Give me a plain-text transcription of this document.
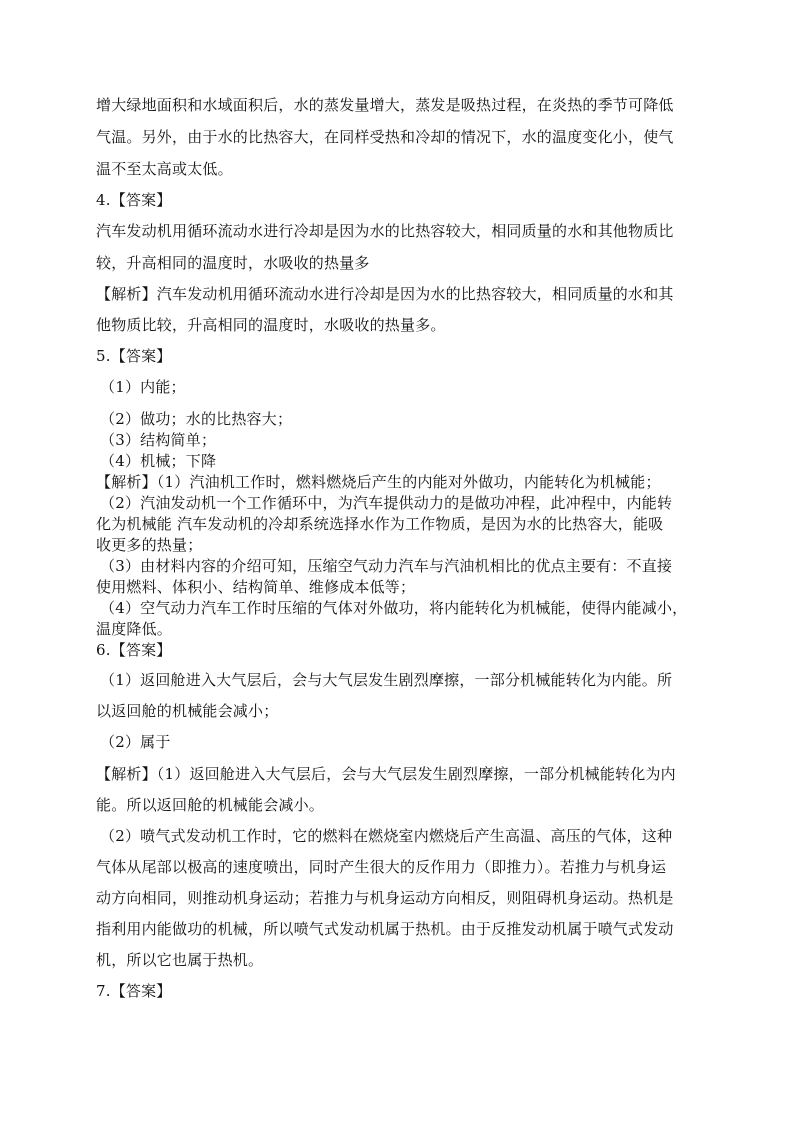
增大绿地面积和水域面积后，水的蒸发量增大，蒸发是吸热过程，在炎热的季节可降低
气温。另外，由于水的比热容大，在同样受热和冷却的情况下，水的温度变化小，使气
温不至太高或太低。
4.【答案】
汽车发动机用循环流动水进行冷却是因为水的比热容较大，相同质量的水和其他物质比
较，升高相同的温度时，水吸收的热量多
【解析】汽车发动机用循环流动水进行冷却是因为水的比热容较大，相同质量的水和其
他物质比较，升高相同的温度时，水吸收的热量多。
5.【答案】
（1）内能；
（2）做功；水的比热容大；
（3）结构简单；
（4）机械；下降
【解析】（1）汽油机工作时，燃料燃烧后产生的内能对外做功，内能转化为机械能；
（2）汽油发动机一个工作循环中，为汽车提供动力的是做功冲程，此冲程中，内能转
化为机械能 汽车发动机的冷却系统选择水作为工作物质，是因为水的比热容大，能吸
收更多的热量；
（3）由材料内容的介绍可知，压缩空气动力汽车与汽油机相比的优点主要有：不直接
使用燃料、体积小、结构简单、维修成本低等；
（4）空气动力汽车工作时压缩的气体对外做功，将内能转化为机械能，使得内能减小，
温度降低。
6.【答案】
（1）返回舱进入大气层后，会与大气层发生剧烈摩擦，一部分机械能转化为内能。所
以返回舱的机械能会减小；
（2）属于
【解析】（1）返回舱进入大气层后，会与大气层发生剧烈摩擦，一部分机械能转化为内
能。所以返回舱的机械能会减小。
（2）喷气式发动机工作时，它的燃料在燃烧室内燃烧后产生高温、高压的气体，这种
气体从尾部以极高的速度喷出，同时产生很大的反作用力（即推力）。若推力与机身运
动方向相同，则推动机身运动；若推力与机身运动方向相反，则阻碍机身运动。热机是
指利用内能做功的机械，所以喷气式发动机属于热机。由于反推发动机属于喷气式发动
机，所以它也属于热机。
7.【答案】
